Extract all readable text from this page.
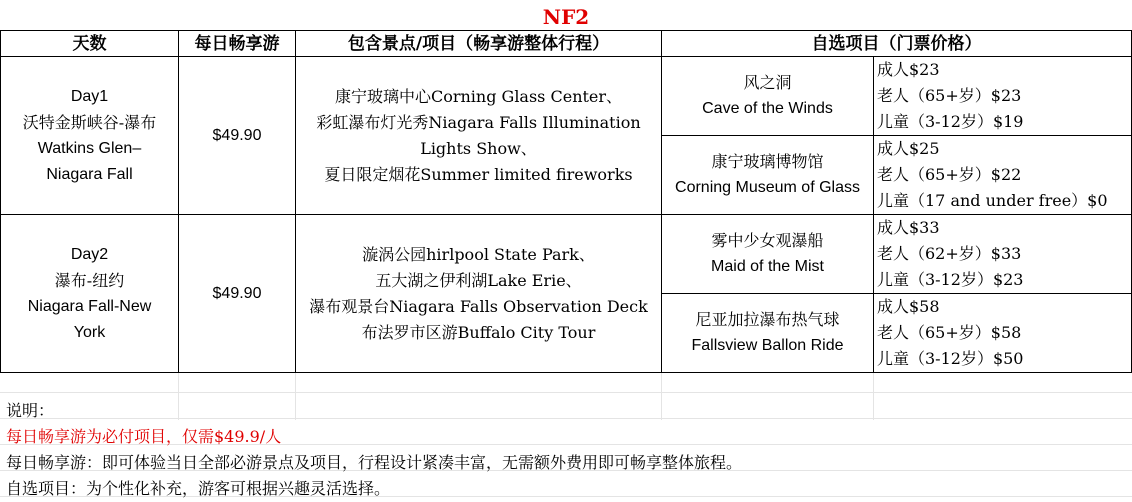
NF2
天数	每日畅享游	包含景点/项目（畅享游整体行程）	自选项目（门票价格）	

Day1
沃特金斯峡谷-瀑布
Watkins Glen–
Niagara Fall	$49.90	康宁玻璃中心Corning Glass Center、
彩虹瀑布灯光秀Niagara Falls Illumination
Lights Show、
夏日限定烟花Summer limited fireworks	风之洞
Cave of the Winds	成人$23
老人（65+岁）$23
儿童（3-12岁）$19

			康宁玻璃博物馆
Corning Museum of Glass	成人$25
老人（65+岁）$22
儿童（17 and under free）$0

Day2
瀑布-纽约
Niagara Fall-New
York	$49.90	漩涡公园hirlpool State Park、
五大湖之伊利湖Lake Erie、
瀑布观景台Niagara Falls Observation Deck
布法罗市区游Buffalo City Tour	雾中少女观瀑船
Maid of the Mist	成人$33
老人（62+岁）$33
儿童（3-12岁）$23

			尼亚加拉瀑布热气球
Fallsview Ballon Ride	成人$58
老人（65+岁）$58
儿童（3-12岁）$50
说明：
每日畅享游为必付项目，仅需$49.9/人
每日畅享游：即可体验当日全部必游景点及项目，行程设计紧凑丰富，无需额外费用即可畅享整体旅程。
自选项目：为个性化补充，游客可根据兴趣灵活选择。
